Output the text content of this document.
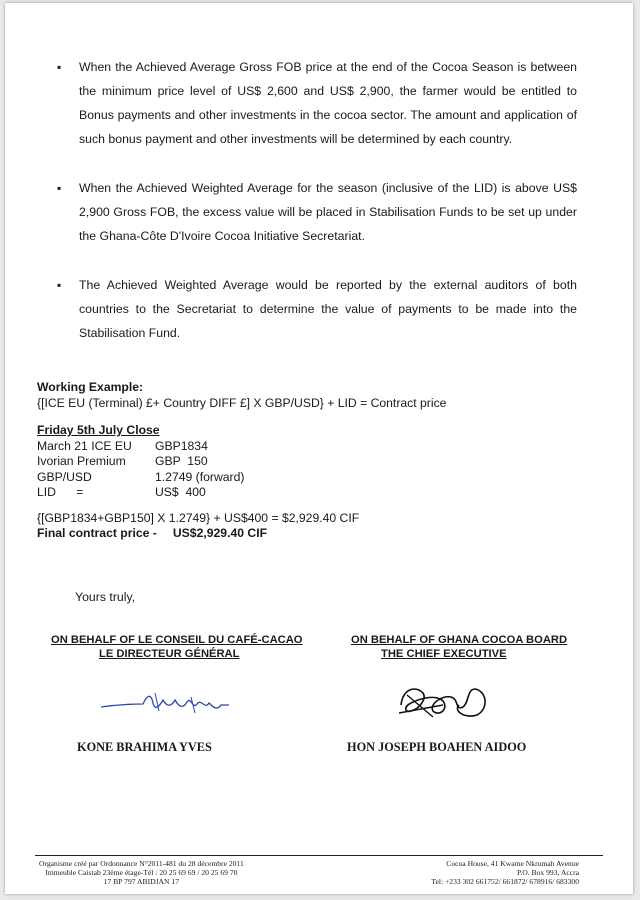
▪ When the Achieved Average Gross FOB price at the end of the Cocoa Season is between the minimum price level of US$ 2,600 and US$ 2,900, the farmer would be entitled to Bonus payments and other investments in the cocoa sector. The amount and application of such bonus payment and other investments will be determined by each country.
▪ When the Achieved Weighted Average for the season (inclusive of the LID) is above US$ 2,900 Gross FOB, the excess value will be placed in Stabilisation Funds to be set up under the Ghana-Côte D'Ivoire Cocoa Initiative Secretariat.
▪ The Achieved Weighted Average would be reported by the external auditors of both countries to the Secretariat to determine the value of payments to be made into the Stabilisation Fund.
Working Example:
{[ICE EU (Terminal) £+ Country DIFF £] X GBP/USD} + LID = Contract price
Friday 5th July Close
March 21 ICE EU GBP1834
Ivorian Premium GBP  150
GBP/USD	1.2749 (forward)
LID      =	US$  400
{[GBP1834+GBP150] X 1.2749} + US$400 = $2,929.40 CIF
Final contract price - US$2,929.40 CIF
Yours truly,
ON BEHALF OF LE CONSEIL DU CAFÉ-CACAO
LE DIRECTEUR GÉNÉRAL
ON BEHALF OF GHANA COCOA BOARD
THE CHIEF EXECUTIVE
KONE BRAHIMA YVES	HON JOSEPH BOAHEN AIDOO
Organisme créé par Ordonnance N°2011-481 du 28 décembre 2011
Immeuble Caistab 23ème étage-Tél : 20 25 69 69 / 20 25 69 70
17 BP 797 ABIDJAN 17
Cocoa House, 41 Kwame Nkrumah Avenue
P.O. Box 993, Accra
Tel: +233 302 661752/ 661872/ 678916/ 683300
